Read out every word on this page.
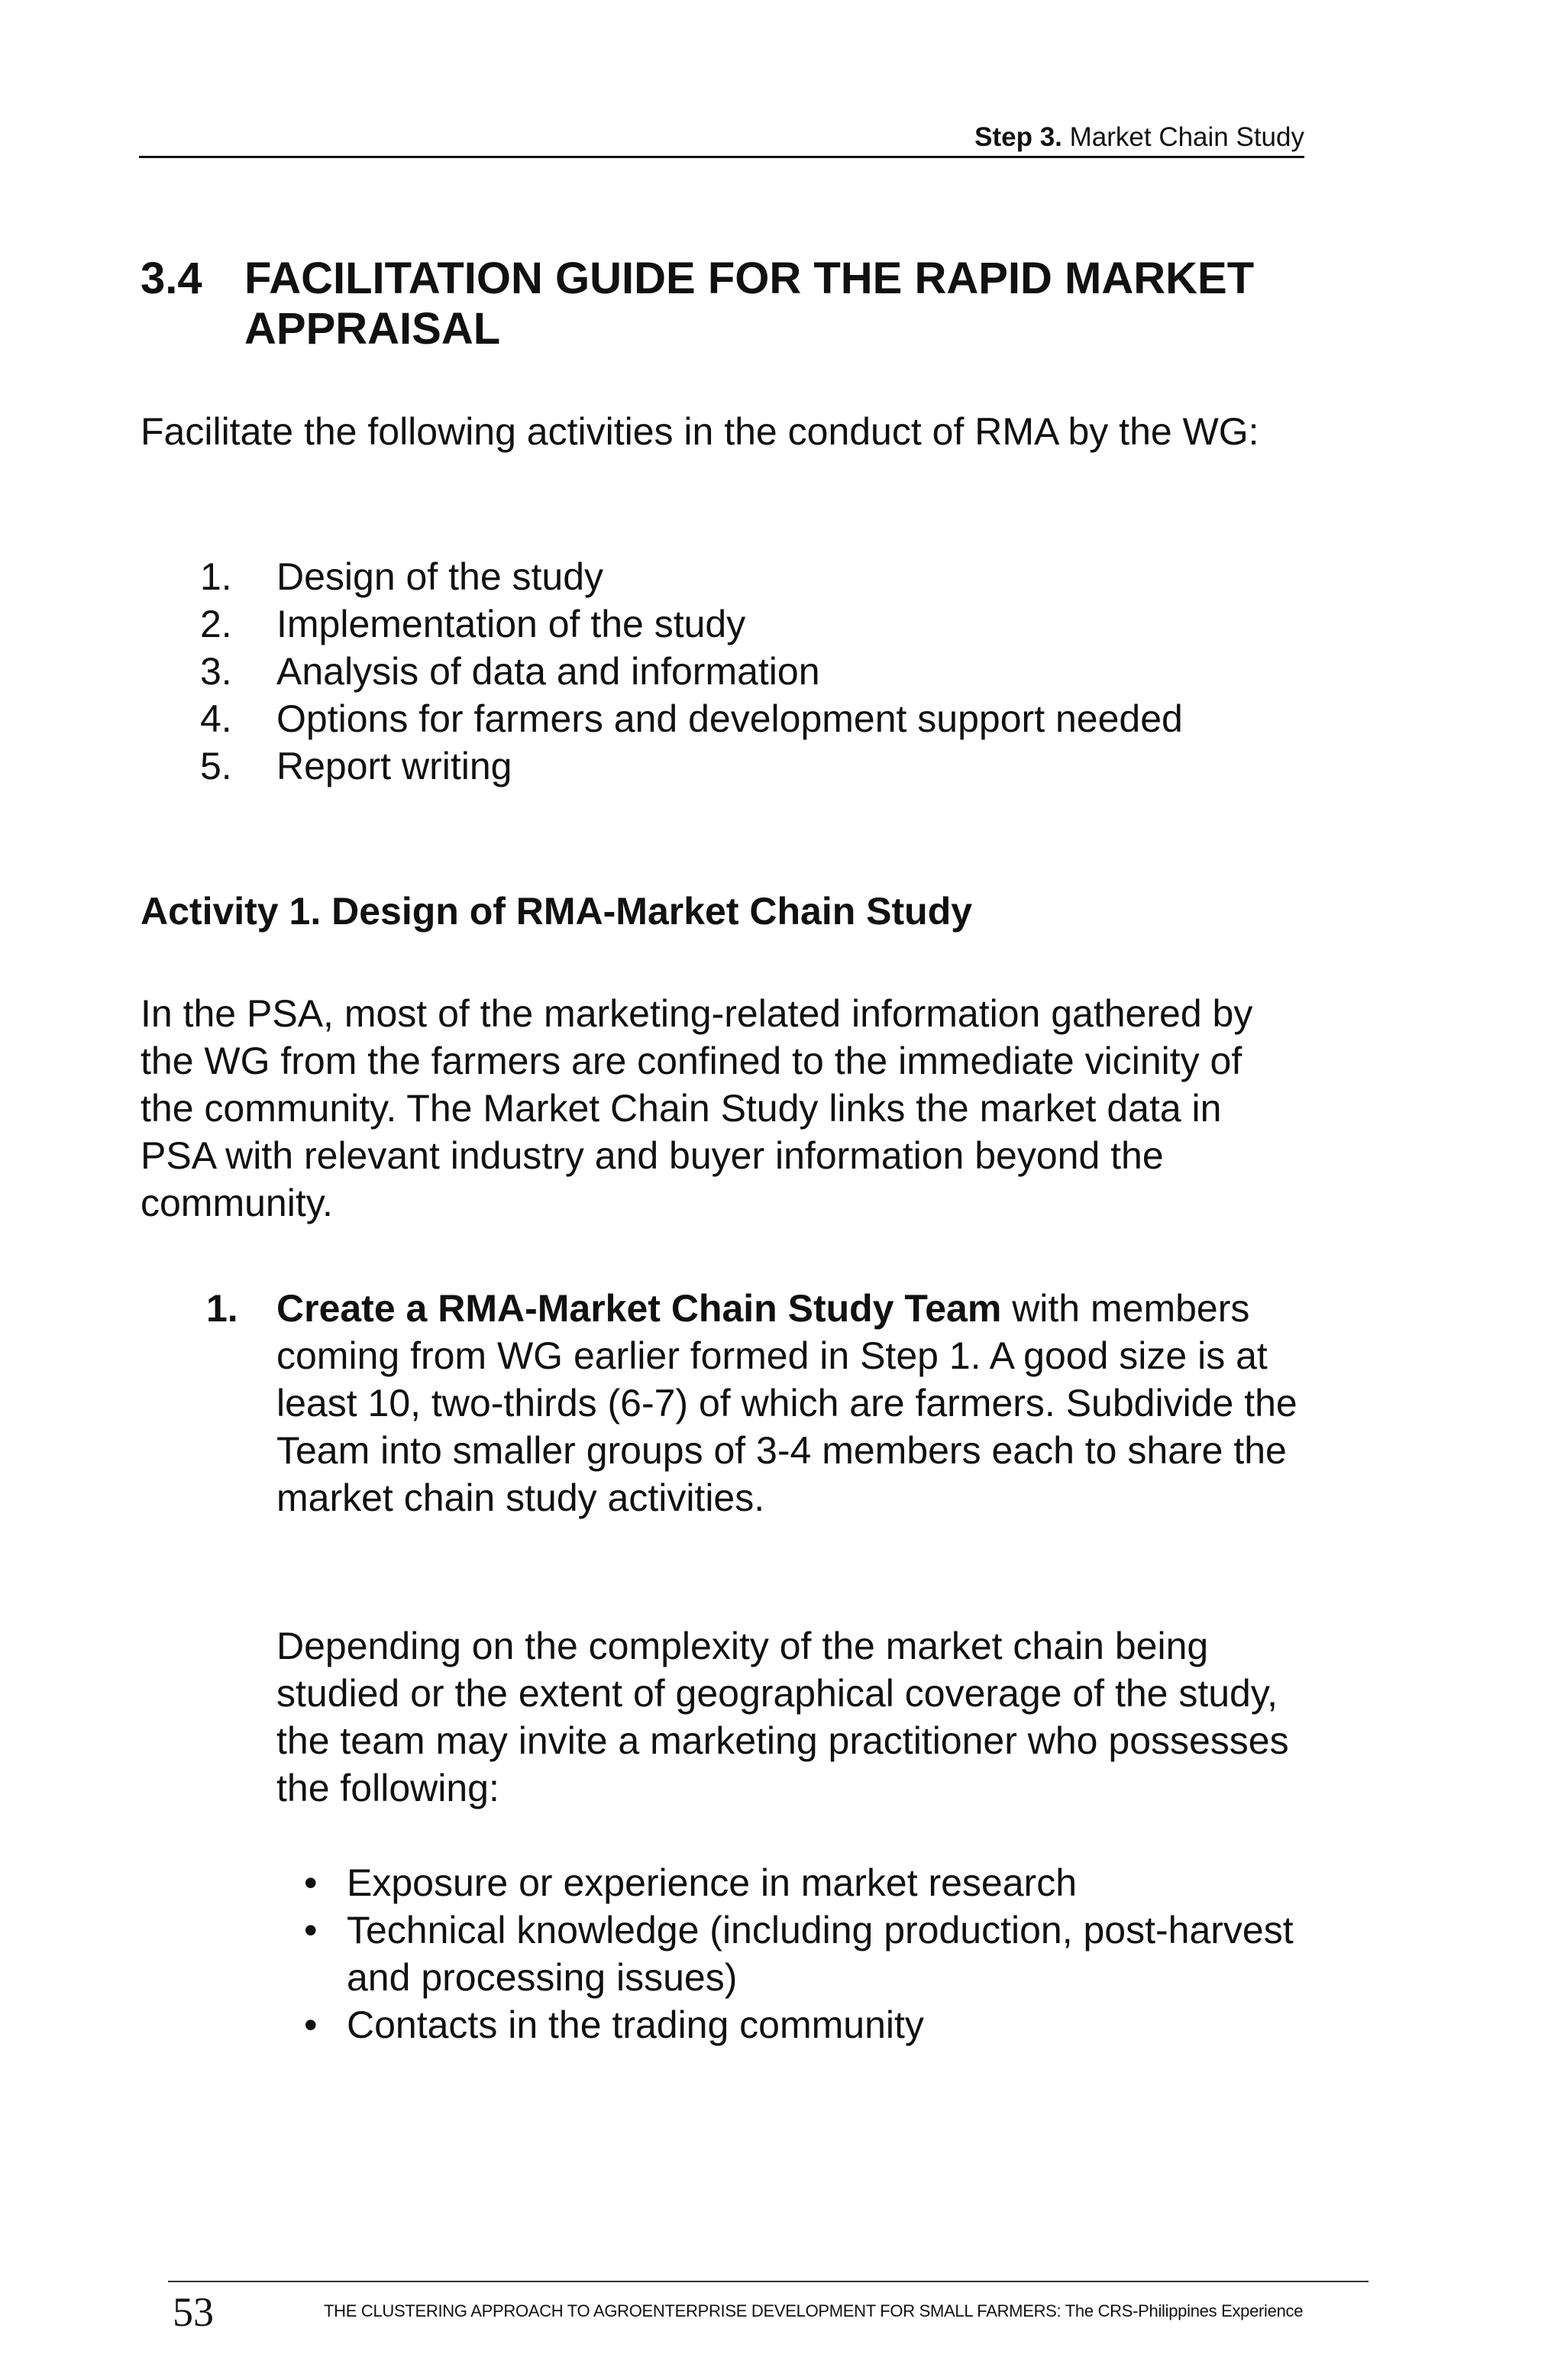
Step 3. Market Chain Study
3.4 FACILITATION GUIDE FOR THE RAPID MARKET APPRAISAL
Facilitate the following activities in the conduct of RMA by the WG:
1. Design of the study
2. Implementation of the study
3. Analysis of data and information
4. Options for farmers and development support needed
5. Report writing
Activity 1. Design of RMA-Market Chain Study
In the PSA, most of the marketing-related information gathered by the WG from the farmers are confined to the immediate vicinity of the community. The Market Chain Study links the market data in PSA with relevant industry and buyer information beyond the community.
1. Create a RMA-Market Chain Study Team with members coming from WG earlier formed in Step 1. A good size is at least 10, two-thirds (6-7) of which are farmers. Subdivide the Team into smaller groups of 3-4 members each to share the market chain study activities.
Depending on the complexity of the market chain being studied or the extent of geographical coverage of the study, the team may invite a marketing practitioner who possesses the following:
• Exposure or experience in market research
• Technical knowledge (including production, post-harvest and processing issues)
• Contacts in the trading community
53	THE CLUSTERING APPROACH TO AGROENTERPRISE DEVELOPMENT FOR SMALL FARMERS: The CRS-Philippines Experience
